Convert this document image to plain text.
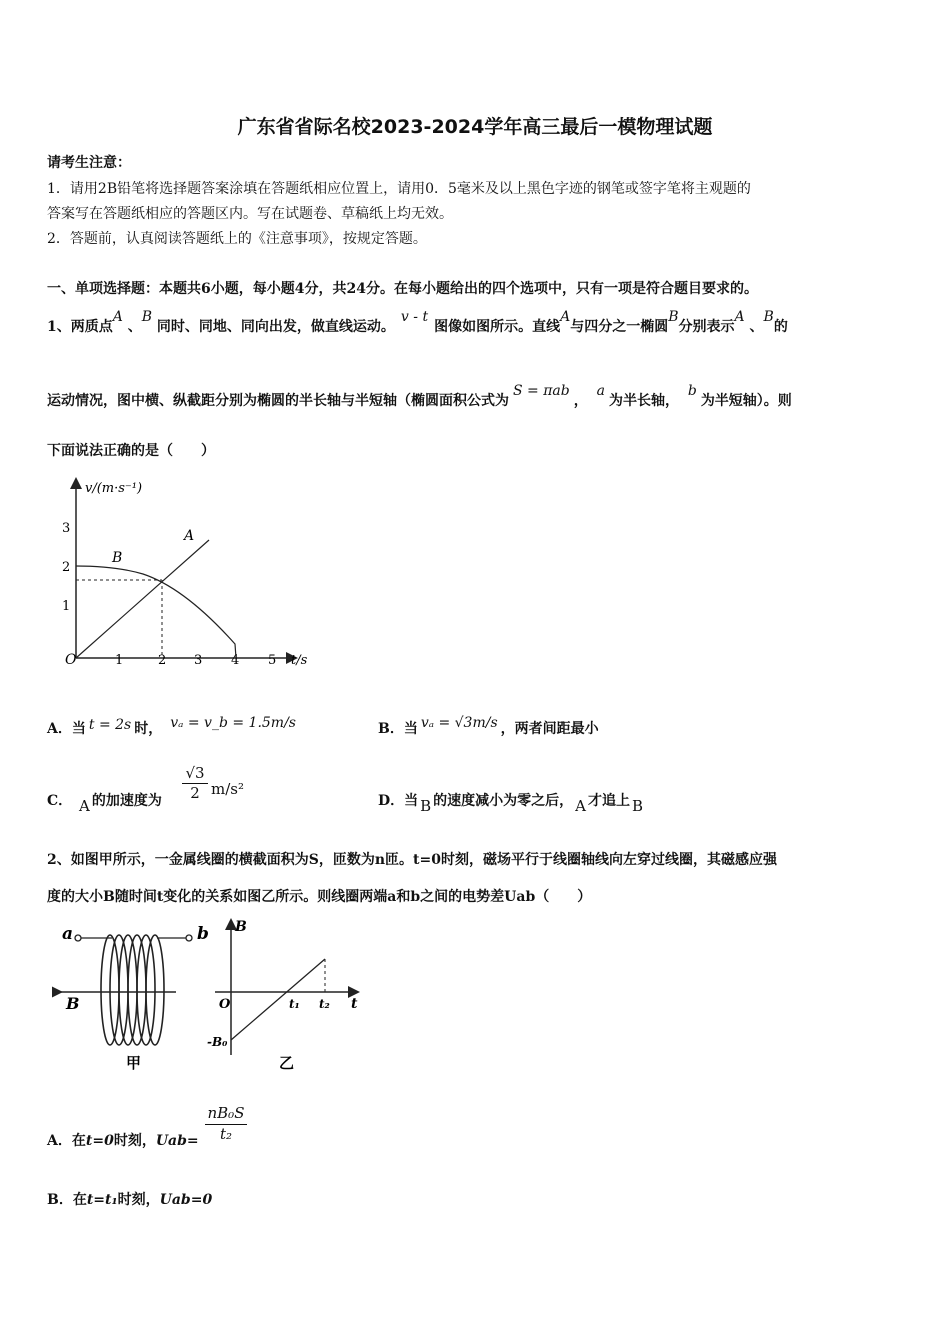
广东省省际名校2023-2024学年高三最后一模物理试题
请考生注意：
1．请用2B铅笔将选择题答案涂填在答题纸相应位置上，请用0．5毫米及以上黑色字迹的钢笔或签字笔将主观题的
答案写在答题纸相应的答题区内。写在试题卷、草稿纸上均无效。
2．答题前，认真阅读答题纸上的《注意事项》，按规定答题。
一、单项选择题：本题共6小题，每小题4分，共24分。在每小题给出的四个选项中，只有一项是符合题目要求的。
1、两质点A 、B 同时、同地、同向出发，做直线运动。v - t图像如图所示。直线A与四分之一椭圆B分别表示A 、B的
运动情况，图中横、纵截距分别为椭圆的半长轴与半短轴（椭圆面积公式为S = πab， a为半长轴， b为半短轴）。则
下面说法正确的是（　　）
v/(m·s⁻¹)
t/s
O	1	2 3 4 5
1
2
3	A
B
A．当 t = 2s 时， vₐ = v_b = 1.5m/s	B．当 vₐ = √3m/s ，两者间距最小
C． A 的加速度为 $\frac{√3}{2} m/s^2$
D．当 B 的速度减小为零之后， A 才追上 B
2、如图甲所示，一金属线圈的横截面积为S，匝数为n匝。t=0时刻，磁场平行于线圈轴线向左穿过线圈，其磁感应强
度的大小B随时间t变化的关系如图乙所示。则线圈两端a和b之间的电势差Uab（　　）
a	b
B
甲
B
O	t
t₁ t₂
-B₀
乙
A．在t=0时刻，$Uab= \frac{\text{nB₀S}}{\text{t₂}}$
B．在t=t₁时刻，Uab=0
